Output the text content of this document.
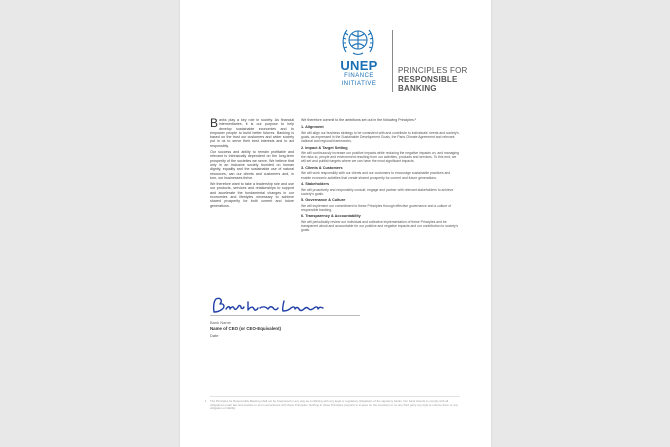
UNEP
FINANCE
INITIATIVE
PRINCIPLES FOR
RESPONSIBLE
BANKING

Banks play a key role in society. As financial intermediaries, it is our purpose to help develop sustainable economies and to empower people to build better futures. Banking is based on the trust our customers and wider society put in us to serve their best interests and to act responsibly.

Our success and ability to remain profitable and relevant is intrinsically dependent on the long-term prosperity of the societies we serve. We believe that only in an inclusive society founded on human dignity, equality and the sustainable use of natural resources, can our clients and customers and, in turn, our businesses thrive.

We therefore want to take a leadership role and use our products, services and relationships to support and accelerate the fundamental changes in our economies and lifestyles necessary to achieve shared prosperity for both current and future generations.

We therefore commit to the ambitions set out in the following Principles:¹

1. Alignment

We will align our business strategy to be consistent with and contribute to individuals' needs and society's goals, as expressed in the Sustainable Development Goals, the Paris Climate Agreement and relevant national and regional frameworks.

2. Impact & Target Setting

We will continuously increase our positive impacts while reducing the negative impacts on, and managing the risks to, people and environment resulting from our activities, products and services. To this end, we will set and publish targets where we can have the most significant impacts.

3. Clients & Customers

We will work responsibly with our clients and our customers to encourage sustainable practices and enable economic activities that create shared prosperity for current and future generations.

4. Stakeholders

We will proactively and responsibly consult, engage and partner with relevant stakeholders to achieve society's goals.

5. Governance & Culture

We will implement our commitment to these Principles through effective governance and a culture of responsible banking.

6. Transparency & Accountability

We will periodically review our individual and collective implementation of these Principles and be transparent about and accountable for our positive and negative impacts and our contribution to society's goals.

Bank Name
Name of CEO (or CEO-Equivalent)
Date
1 The Principles for Responsible Banking shall not be interpreted in any way as conflicting with any legal or regulatory obligations of the signatory banks. Our bank intends to comply with all obligations under law and practice to act in accordance with these Principles. Nothing in these Principles purports to impose on the members or on any third party any right to enforce them or any obligation or liability.
